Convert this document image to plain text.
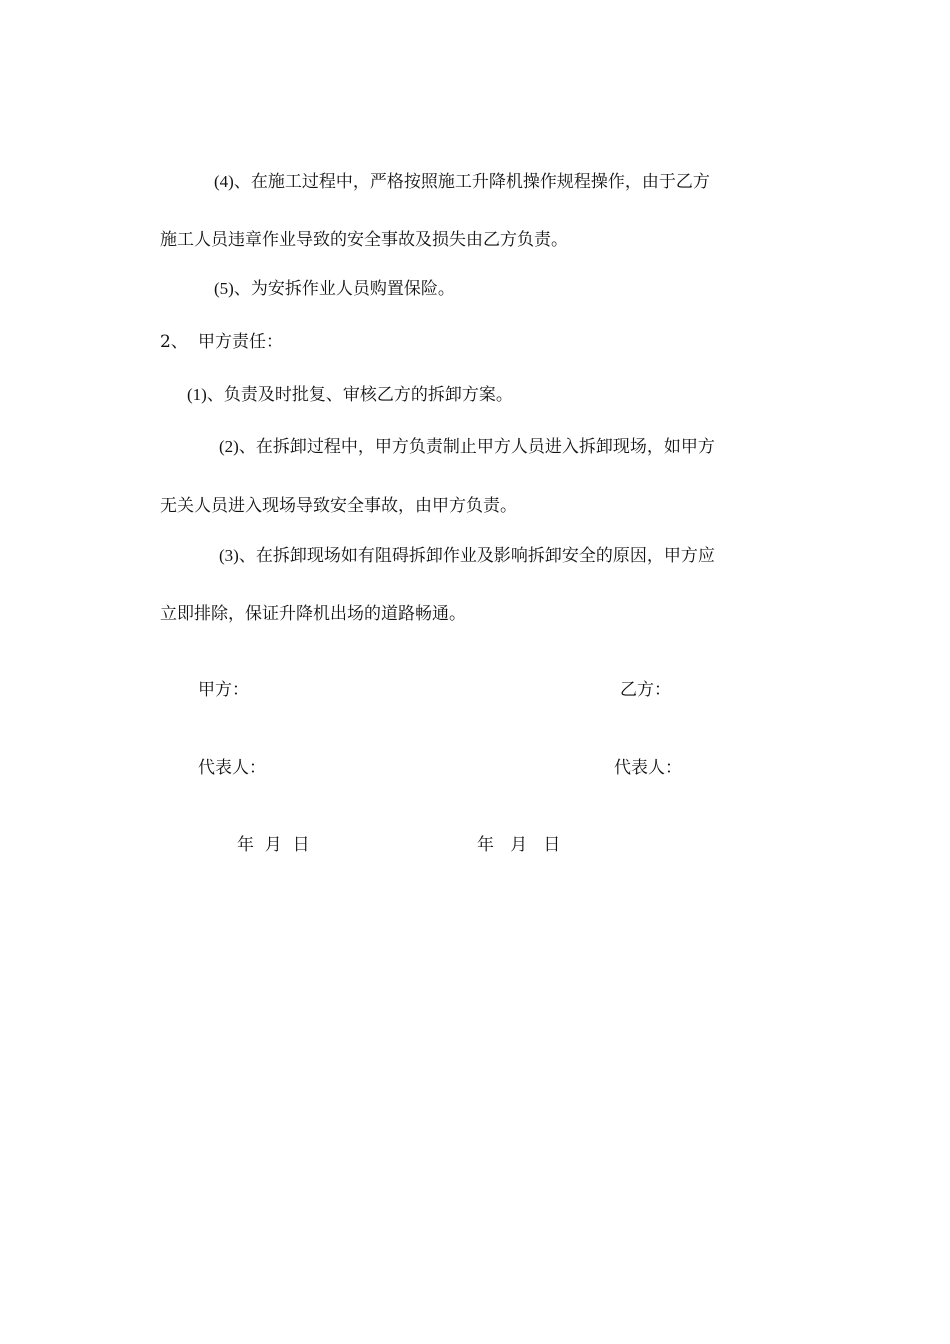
(4)、在施工过程中，严格按照施工升降机操作规程操作，由于乙方
施工人员违章作业导致的安全事故及损失由乙方负责。
(5)、为安拆作业人员购置保险。
2、 甲方责任：
(1)、负责及时批复、审核乙方的拆卸方案。
(2)、在拆卸过程中，甲方负责制止甲方人员进入拆卸现场，如甲方
无关人员进入现场导致安全事故，由甲方负责。
(3)、在拆卸现场如有阻碍拆卸作业及影响拆卸安全的原因，甲方应
立即排除，保证升降机出场的道路畅通。
甲方：	乙方：
代表人：	代表人：
年  月  日	年   月   日
